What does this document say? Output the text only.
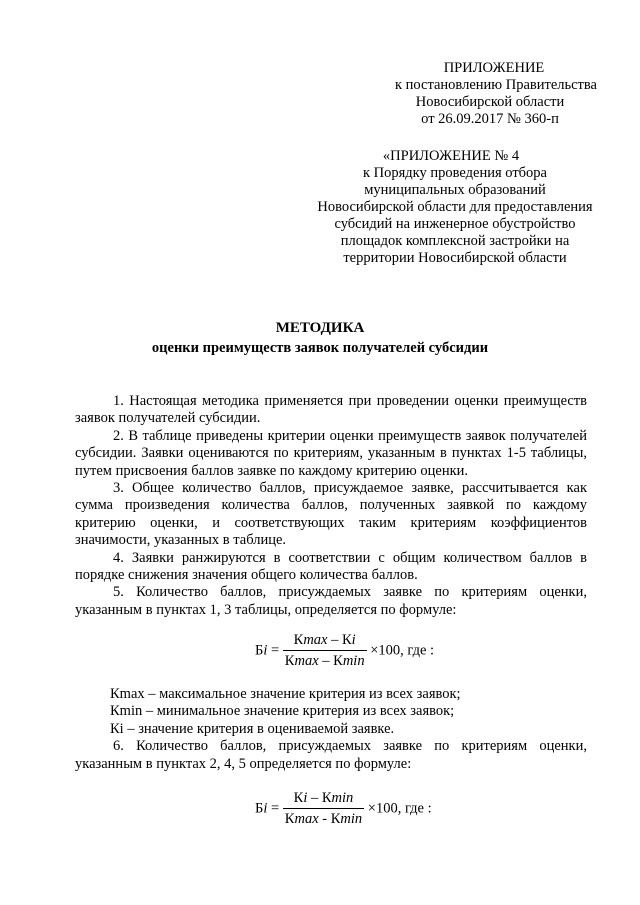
ПРИЛОЖЕНИЕ
к постановлению Правительства
Новосибирской области
от 26.09.2017 № 360-п
«ПРИЛОЖЕНИЕ № 4
к Порядку проведения отбора
муниципальных образований
Новосибирской области для предоставления
субсидий на инженерное обустройство
площадок комплексной застройки на
территории Новосибирской области
МЕТОДИКА
оценки преимуществ заявок получателей субсидии

1. Настоящая методика применяется при проведении оценки преимуществ заявок получателей субсидии.

2. В таблице приведены критерии оценки преимуществ заявок получателей субсидии. Заявки оцениваются по критериям, указанным в пунктах 1-5 таблицы, путем присвоения баллов заявке по каждому критерию оценки.

3. Общее количество баллов, присуждаемое заявке, рассчитывается как сумма произведения количества баллов, полученных заявкой по каждому критерию оценки, и соответствующих таким критериям коэффициентов значимости, указанных в таблице.

4. Заявки ранжируются в соответствии с общим количеством баллов в порядке снижения значения общего количества баллов.

5. Количество баллов, присуждаемых заявке по критериям оценки, указанным в пунктах 1, 3 таблицы, определяется по формуле:

Бi = $\frac{К\max - Кi}{К\max - К\min} \times 100$, где :

Кmax – максимальное значение критерия из всех заявок;

Кmin – минимальное значение критерия из всех заявок;

Кi – значение критерия в оцениваемой заявке.

6. Количество баллов, присуждаемых заявке по критериям оценки, указанным в пунктах 2, 4, 5 определяется по формуле:

Бi = $\frac{Кi - К\min}{К\max - К\min} \times 100$, где :
